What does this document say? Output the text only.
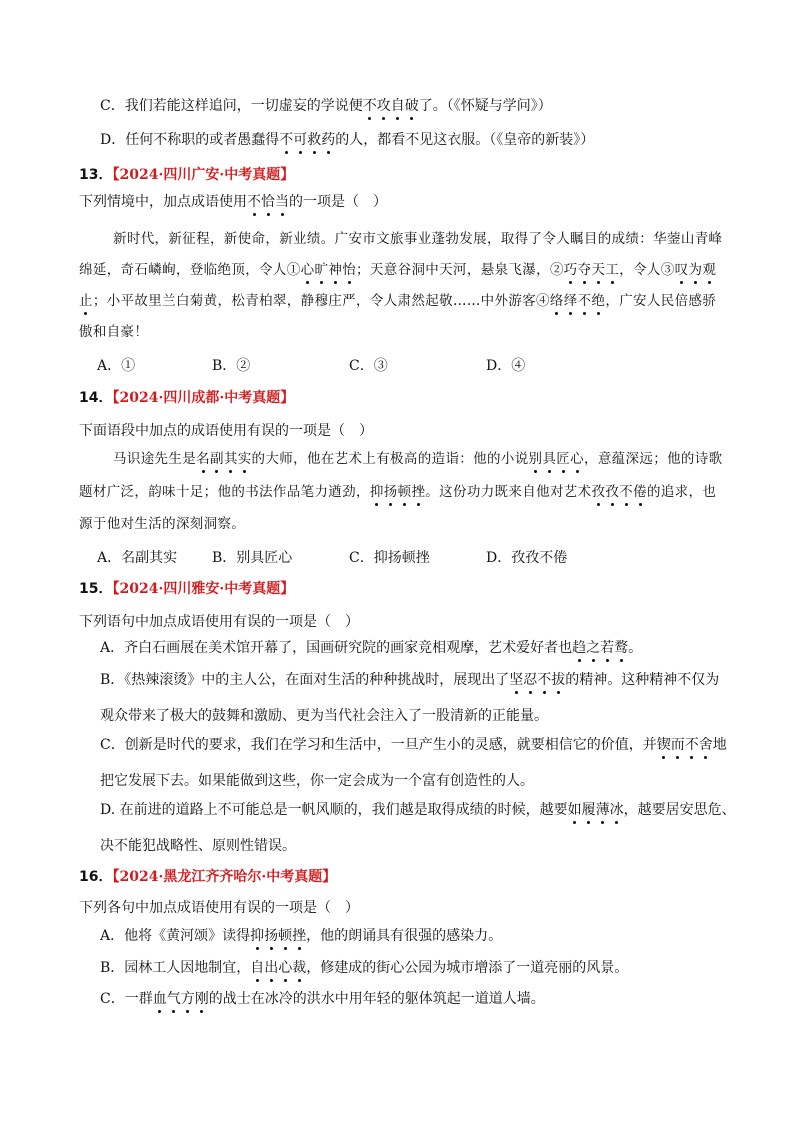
C．我们若能这样追问，一切虚妄的学说便不攻自破了。（《怀疑与学问》）
D．任何不称职的或者愚蠢得不可救药的人，都看不见这衣服。（《皇帝的新装》）
13．【2024·四川广安·中考真题】
下列情境中，加点成语使用不恰当的一项是（　）
新时代，新征程，新使命，新业绩。广安市文旅事业蓬勃发展，取得了令人瞩目的成绩：华蓥山青峰
绵延，奇石嶙峋，登临绝顶，令人①心旷神怡；天意谷洞中天河，悬泉飞瀑，②巧夺天工，令人③叹为观
止；小平故里兰白菊黄，松青柏翠，静穆庄严，令人肃然起敬……中外游客④络绎不绝，广安人民倍感骄
傲和自豪！
A．①	B．②	C．③	D．④
14．【2024·四川成都·中考真题】
下面语段中加点的成语使用有误的一项是（　）
马识途先生是名副其实的大师，他在艺术上有极高的造诣：他的小说别具匠心，意蕴深远；他的诗歌
题材广泛，韵味十足；他的书法作品笔力遒劲，抑扬顿挫。这份功力既来自他对艺术孜孜不倦的追求，也
源于他对生活的深刻洞察。
A．名副其实 B．别具匠心	C．抑扬顿挫	D．孜孜不倦
15．【2024·四川雅安·中考真题】
下列语句中加点成语使用有误的一项是（　）
A．齐白石画展在美术馆开幕了，国画研究院的画家竞相观摩，艺术爱好者也趋之若鹜。
B．《热辣滚烫》中的主人公，在面对生活的种种挑战时，展现出了坚忍不拔的精神。这种精神不仅为
观众带来了极大的鼓舞和激励、更为当代社会注入了一股清新的正能量。
C．创新是时代的要求，我们在学习和生活中，一旦产生小的灵感，就要相信它的价值，并锲而不舍地
把它发展下去。如果能做到这些，你一定会成为一个富有创造性的人。
D. 在前进的道路上不可能总是一帆风顺的，我们越是取得成绩的时候，越要如履薄冰，越要居安思危、
决不能犯战略性、原则性错误。
16．【2024·黑龙江齐齐哈尔·中考真题】
下列各句中加点成语使用有误的一项是（　）
A．他将《黄河颂》读得抑扬顿挫，他的朗诵具有很强的感染力。
B．园林工人因地制宜，自出心裁，修建成的街心公园为城市增添了一道亮丽的风景。
C．一群血气方刚的战士在冰冷的洪水中用年轻的躯体筑起一道道人墙。
